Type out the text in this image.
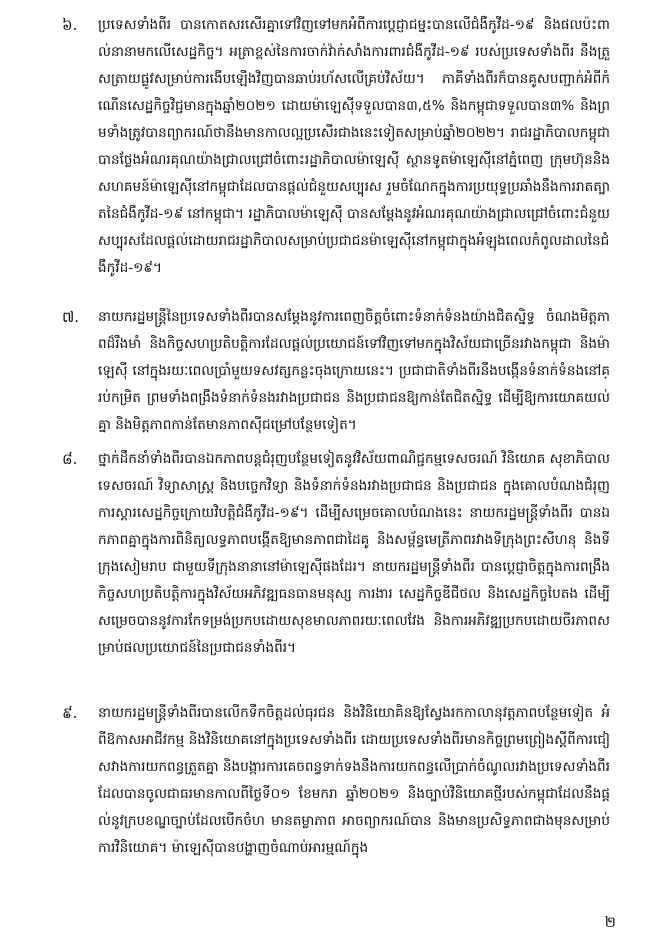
៦.	ប្រទេសទាំងពីរ បានកោតសរសើរគ្នាទៅវិញទៅមកអំពីការប្ដេជ្ញាជម្នះបានលើជំងឺកូវីដ-១៩ និងផលប៉ះពាល់នានាមកលើសេដ្ឋកិច្ច។ អត្រាខ្ពស់នៃការចាក់វ៉ាក់សាំងការពារជំងឺកូវីដ-១៩ របស់ប្រទេសទាំងពីរ នឹងត្រួសត្រាយផ្លូវសម្រាប់ការងើបឡើងវិញបានឆាប់រហ័សលើគ្រប់វិស័យ។ ភាគីទាំងពីរក៏បានគូសបញ្ជាក់អំពីកំណើនសេដ្ឋកិច្ចវិជ្ជមានក្នុងឆ្នាំ២០២១ ដោយម៉ាឡេស៊ីទទួលបាន៣,៥% និងកម្ពុជាទទួលបាន៣% និងព្រមទាំងត្រូវបានព្យាករណ៍ថានឹងមានកាលល្អប្រសើរជាងនេះទៀតសម្រាប់ឆ្នាំ២០២២។ រាជរដ្ឋាភិបាលកម្ពុជាបានថ្លែងអំណរគុណយ៉ាងជ្រាលជ្រៅចំពោះរដ្ឋាភិបាលម៉ាឡេស៊ី ស្ថានទូតម៉ាឡេស៊ីនៅភ្នំពេញ ក្រុមហ៊ុននិងសហគមន៍ម៉ាឡេស៊ីនៅកម្ពុជាដែលបានផ្ដល់ជំនួយសប្បុរស រួមចំណែកក្នុងការប្រយុទ្ធប្រឆាំងនឹងការរាតត្បាតនៃជំងឺកូវីដ-១៩ នៅកម្ពុជា។ រដ្ឋាភិបាលម៉ាឡេស៊ី បានសម្ដែងនូវអំណរគុណយ៉ាងជ្រាលជ្រៅចំពោះជំនួយសប្បុរសដែលផ្ដល់ដោយរាជរដ្ឋាភិបាលសម្រាប់ប្រជាជនម៉ាឡេស៊ីនៅកម្ពុជាក្នុងអំឡុងពេលកំពូលដាលនៃជំងឺកូវីដ-១៩។

៧.	នាយករដ្ឋមន្ត្រីនៃប្រទេសទាំងពីរបានសម្ដែងនូវការពេញចិត្តចំពោះទំនាក់ទំនងយ៉ាងជិតស្និទ្ធ ចំណងមិត្តភាពដ៏រឹងមាំ និងកិច្ចសហប្រតិបត្តិការដែលផ្ដល់ប្រយោជន៍ទៅវិញទៅមកក្នុងវិស័យជាច្រើនរវាងកម្ពុជា និងម៉ាឡេស៊ី នៅក្នុងរយៈពេលប្រាំមួយទសវត្សកន្លះចុងក្រោយនេះ។ ប្រជាជាតិទាំងពីរនឹងបង្កើនទំនាក់ទំនងនៅគ្រប់កម្រិត ព្រមទាំងពង្រឹងទំនាក់ទំនងរវាងប្រជាជន និងប្រជាជនឱ្យកាន់តែជិតស្និទ្ធ ដើម្បីឱ្យការយោគយល់គ្នា និងមិត្តភាពកាន់តែមានភាពស៊ីជម្រៅបន្ថែមទៀត។

៨.	ថ្នាក់ដឹកនាំទាំងពីរបានឯកភាពបន្តជំរុញបន្ថែមទៀតនូវវិស័យពាណិជ្ជកម្មទេសចរណ៍ វិនិយោគ សុខាភិបាល ទេសចរណ៍ វិទ្យាសាស្ត្រ និងបច្ចេកវិទ្យា និងទំនាក់ទំនងរវាងប្រជាជន និងប្រជាជន ក្នុងគោលបំណងជំរុញការស្ដារសេដ្ឋកិច្ចក្រោយវិបត្តិជំងឺកូវីដ-១៩។ ដើម្បីសម្រេចគោលបំណងនេះ នាយករដ្ឋមន្ត្រីទាំងពីរ បានឯកភាពគ្នាក្នុងការពិនិត្យលទ្ធភាពបង្កើតឱ្យមានភាពជាដៃគូ និងសម្ព័ន្ធមេត្រីភាពរវាងទីក្រុងព្រះសីហនុ និងទីក្រុងសៀមរាប ជាមួយទីក្រុងនានានៅម៉ាឡេស៊ីផងដែរ។ នាយករដ្ឋមន្ត្រីទាំងពីរ បានប្ដេជ្ញាចិត្តក្នុងការពង្រឹងកិច្ចសហប្រតិបត្តិការក្នុងវិស័យអភិវឌ្ឍធនធានមនុស្ស ការងារ សេដ្ឋកិច្ចឌីជីថល និងសេដ្ឋកិច្ចបៃតង ដើម្បីសម្រេចបាននូវការកែទម្រង់ប្រកបដោយសុខមាលភាពរយៈពេលវែង និងការអភិវឌ្ឍប្រកបដោយចីរភាពសម្រាប់ផលប្រយោជន៍នៃប្រជាជនទាំងពីរ។

៩.	នាយករដ្ឋមន្ត្រីទាំងពីរបានលើកទឹកចិត្តដល់ធុរជន និងវិនិយោគិនឱ្យស្វែងរកកាលានុវត្តភាពបន្ថែមទៀត អំពីឱកាសអាជីវកម្ម និងវិនិយោគនៅក្នុងប្រទេសទាំងពីរ ដោយប្រទេសទាំងពីរមានកិច្ចព្រមព្រៀងស្ដីពីការជៀសវាងការយកពន្ធត្រួតគ្នា និងបង្ការការគេចពន្ធទាក់ទងនឹងការយកពន្ធលើប្រាក់ចំណូលរវាងប្រទេសទាំងពីរដែលបានចូលជាធរមានកាលពីថ្ងៃទី០១ ខែមករា ឆ្នាំ២០២១ និងច្បាប់វិនិយោគថ្មីរបស់កម្ពុជាដែលនឹងផ្ដល់នូវក្របខណ្ឌច្បាប់ដែលបើកចំហ មានតម្លាភាព អាចព្យាករណ៍បាន និងមានប្រសិទ្ធភាពជាងមុនសម្រាប់ការវិនិយោគ។ ម៉ាឡេស៊ីបានបង្ហាញចំណាប់អារម្មណ៍ក្នុង

២
